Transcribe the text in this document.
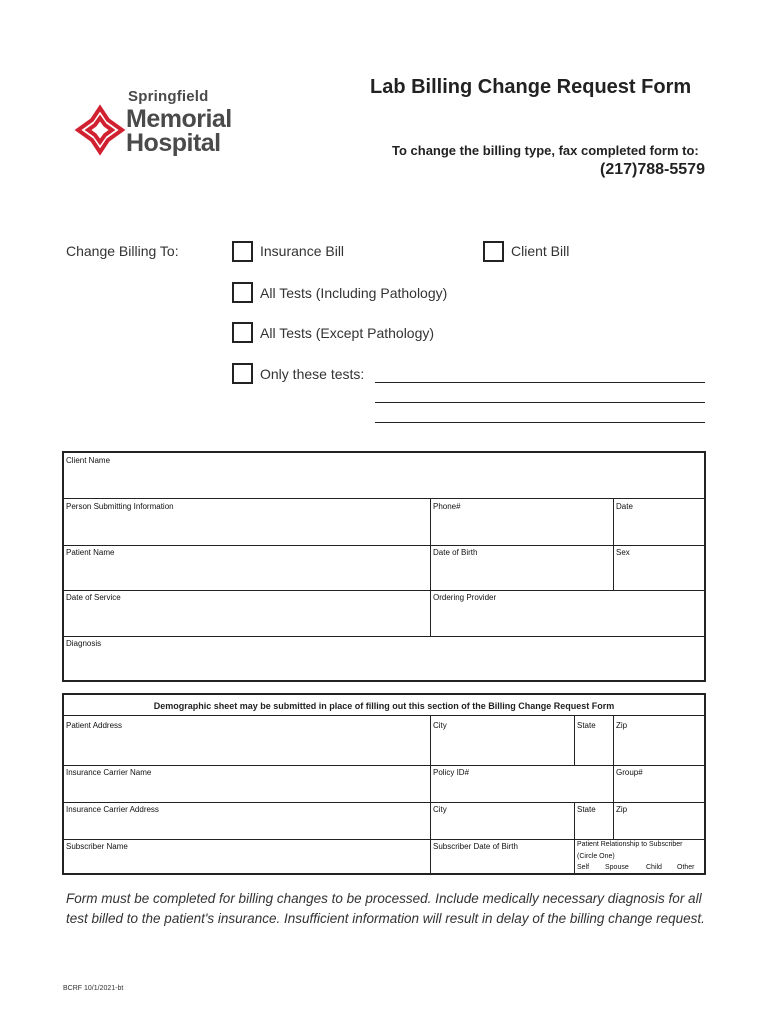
Springfield
Memorial
Hospital
Lab Billing Change Request Form
To change the billing type, fax completed form to:
(217)788-5579
Change Billing To:	Insurance Bill	Client Bill
All Tests (Including Pathology)
All Tests (Except Pathology)
Only these tests:
Client Name
Person Submitting Information	Phone#	Date
Patient Name	Date of Birth	Sex
Date of Service	Ordering Provider
Diagnosis
Demographic sheet may be submitted in place of filling out this section of the Billing Change Request Form
Patient Address	City	State	Zip
Insurance Carrier Name	Policy ID#	Group#
Insurance Carrier Address	City	State	Zip
Subscriber Name	Subscriber Date of Birth	Patient Relationship to Subscriber
(Circle One)
Self Spouse Child Other
Form must be completed for billing changes to be processed. Include medically necessary diagnosis for all test billed to the patient's insurance. Insufficient information will result in delay of the billing change request.
BCRF 10/1/2021-bt
